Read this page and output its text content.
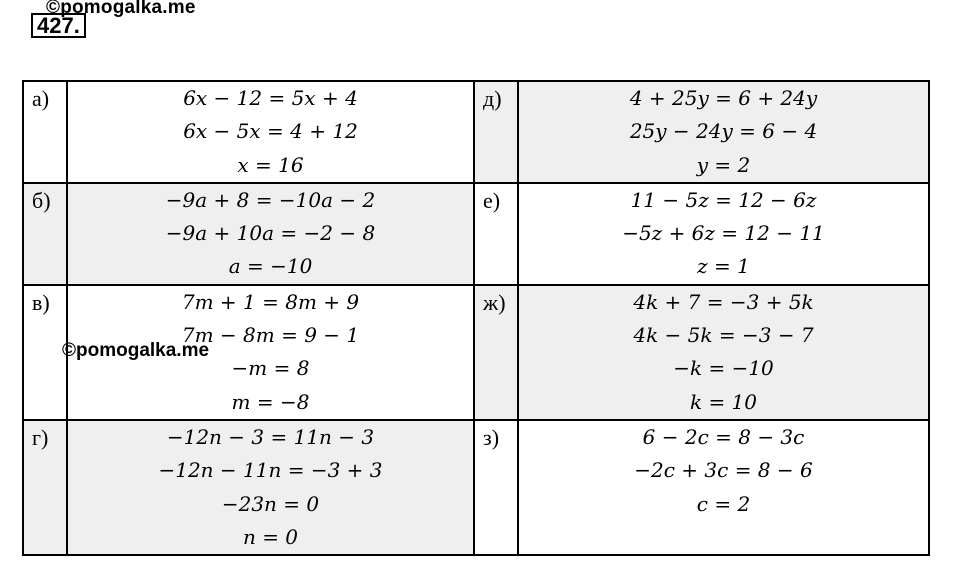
©pomogalka.me
427.
а)	6x − 12 = 5x + 4
6x − 5x = 4 + 12
x = 16	д)	4 + 25y = 6 + 24y
25y − 24y = 6 − 4
y = 2

б)	−9a + 8 = −10a − 2
−9a + 10a = −2 − 8
a = −10	е)	11 − 5z = 12 − 6z
−5z + 6z = 12 − 11
z = 1

в)	7m + 1 = 8m + 9
7m − 8m = 9 − 1
−m = 8
m = −8	ж)	4k + 7 = −3 + 5k
4k − 5k = −3 − 7
−k = −10
k = 10

г)	−12n − 3 = 11n − 3
−12n − 11n = −3 + 3
−23n = 0
n = 0	з)	6 − 2c = 8 − 3c
−2c + 3c = 8 − 6
c = 2
©pomogalka.me
